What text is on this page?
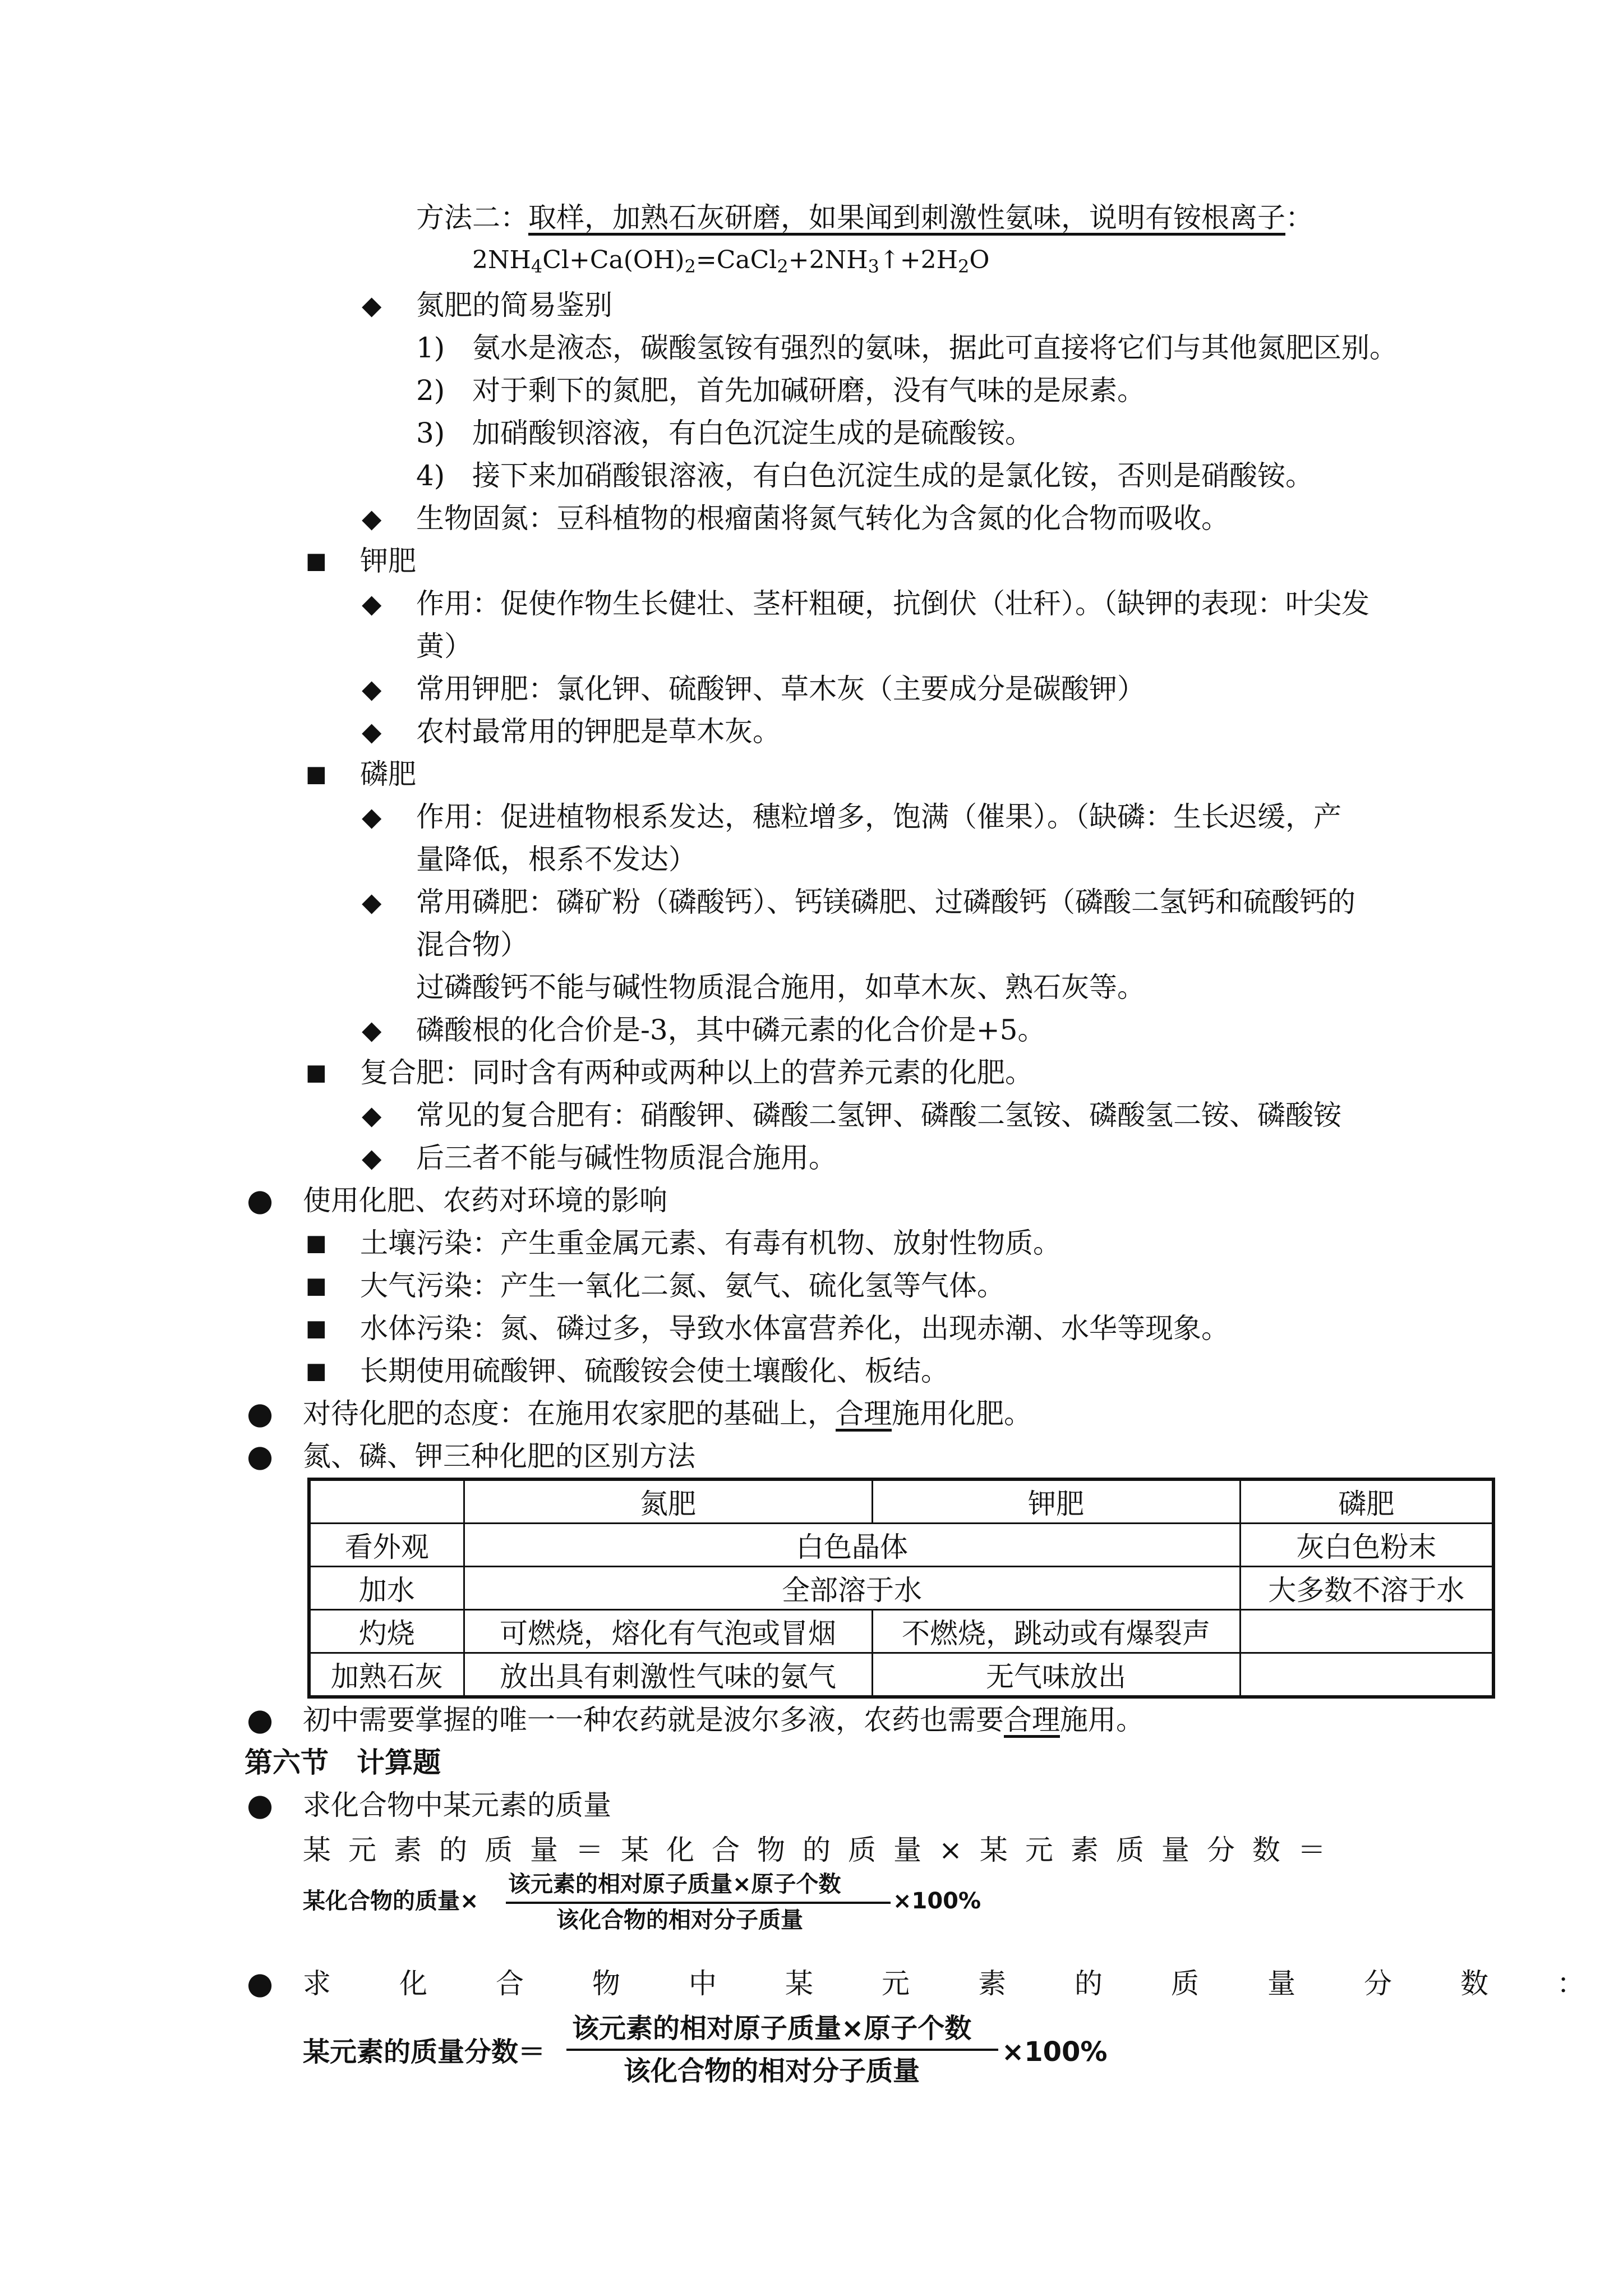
方法二：取样，加熟石灰研磨，如果闻到刺激性氨味，说明有铵根离子：
$2NH_4Cl+Ca(OH)_2=CaCl_2+2NH_3↑+2H_2O$
◆ 氮肥的简易鉴别
1) 氨水是液态，碳酸氢铵有强烈的氨味，据此可直接将它们与其他氮肥区别。
2) 对于剩下的氮肥，首先加碱研磨，没有气味的是尿素。
3) 加硝酸钡溶液，有白色沉淀生成的是硫酸铵。
4) 接下来加硝酸银溶液，有白色沉淀生成的是氯化铵，否则是硝酸铵。
◆ 生物固氮：豆科植物的根瘤菌将氮气转化为含氮的化合物而吸收。
■ 钾肥
◆ 作用：促使作物生长健壮、茎杆粗硬，抗倒伏（壮秆）。（缺钾的表现：叶尖发
黄）
◆ 常用钾肥：氯化钾、硫酸钾、草木灰（主要成分是碳酸钾）
◆ 农村最常用的钾肥是草木灰。
■ 磷肥
◆ 作用：促进植物根系发达，穗粒增多，饱满（催果）。（缺磷：生长迟缓，产
量降低，根系不发达）
◆ 常用磷肥：磷矿粉（磷酸钙）、钙镁磷肥、过磷酸钙（磷酸二氢钙和硫酸钙的
混合物）
过磷酸钙不能与碱性物质混合施用，如草木灰、熟石灰等。
◆ 磷酸根的化合价是-3，其中磷元素的化合价是+5。
■ 复合肥：同时含有两种或两种以上的营养元素的化肥。
◆ 常见的复合肥有：硝酸钾、磷酸二氢钾、磷酸二氢铵、磷酸氢二铵、磷酸铵
◆ 后三者不能与碱性物质混合施用。
● 使用化肥、农药对环境的影响
■ 土壤污染：产生重金属元素、有毒有机物、放射性物质。
■ 大气污染：产生一氧化二氮、氨气、硫化氢等气体。
■ 水体污染：氮、磷过多，导致水体富营养化，出现赤潮、水华等现象。
■ 长期使用硫酸钾、硫酸铵会使土壤酸化、板结。
● 对待化肥的态度：在施用农家肥的基础上，合理施用化肥。
● 氮、磷、钾三种化肥的区别方法
	氮肥	钾肥	磷肥
看外观	白色晶体		灰白色粉末
加水	全部溶于水		大多数不溶于水
灼烧	可燃烧，熔化有气泡或冒烟	不燃烧，跳动或有爆裂声	
加熟石灰	放出具有刺激性气味的氨气	无气味放出	
● 初中需要掌握的唯一一种农药就是波尔多液，农药也需要合理施用。
第六节 计算题
● 求化合物中某元素的质量
某元素的质量＝某化合物的质量×某元素质量分数＝
某化合物的质量×
该元素的相对原子质量×原子个数
该化合物的相对分子质量
×100%
● 求化合物中某元素的质量分数 ：
某元素的质量分数＝
该元素的相对原子质量×原子个数
该化合物的相对分子质量
×100%
